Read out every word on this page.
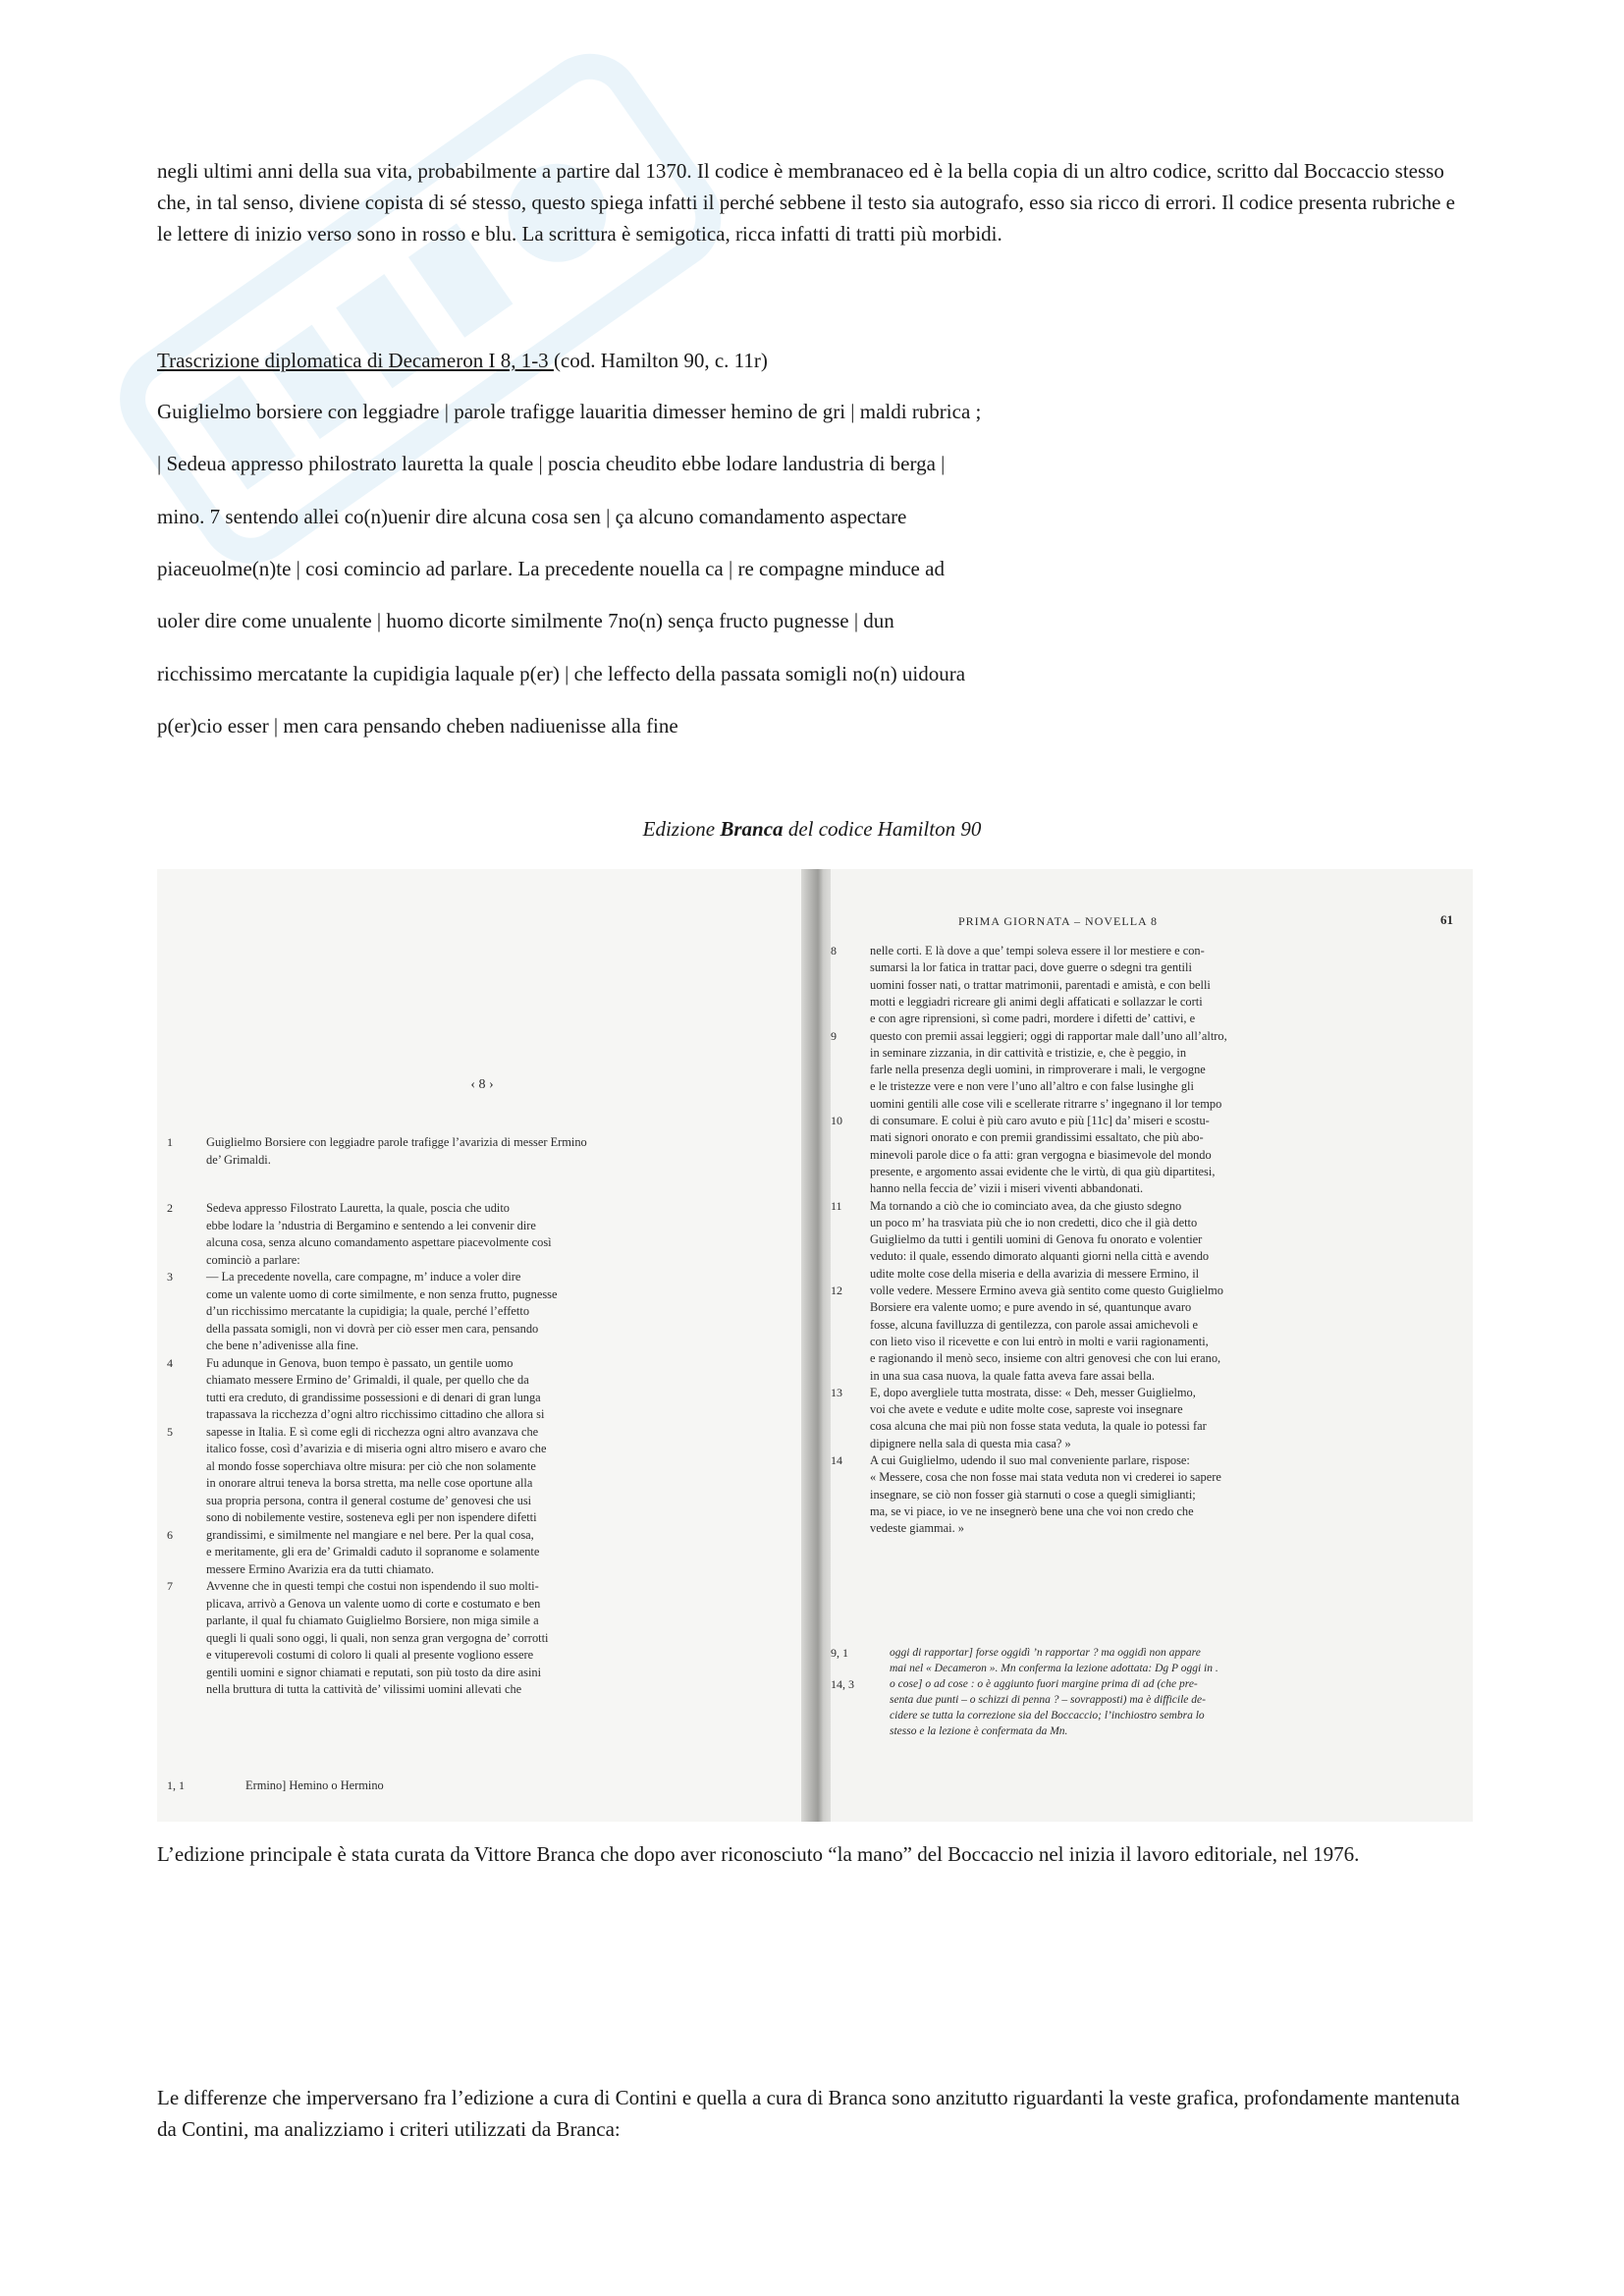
negli ultimi anni della sua vita, probabilmente a partire dal 1370. Il codice è membranaceo ed è la bella copia di un altro codice, scritto dal Boccaccio stesso che, in tal senso, diviene copista di sé stesso, questo spiega infatti il perché sebbene il testo sia autografo, esso sia ricco di errori. Il codice presenta rubriche e le lettere di inizio verso sono in rosso e blu. La scrittura è semigotica, ricca infatti di tratti più morbidi.

Trascrizione diplomatica di Decameron I 8, 1-3 (cod. Hamilton 90, c. 11r)

Guiglielmo borsiere con leggiadre | parole trafigge lauaritia dimesser hemino de gri | maldi rubrica ;

| Sedeua appresso philostrato lauretta la quale | poscia cheudito ebbe lodare landustria di berga |

mino. 7 sentendo allei co(n)uenir dire alcuna cosa sen | ça alcuno comandamento aspectare

piaceuolme(n)te | cosi comincio ad parlare. La precedente nouella ca | re compagne minduce ad

uoler dire come unualente | huomo dicorte similmente 7no(n) sença fructo pugnesse | dun

ricchissimo mercatante la cupidigia laquale p(er) | che leffecto della passata somigli no(n) uidoura

p(er)cio esser | men cara pensando cheben nadiuenisse alla fine

Edizione Branca del codice Hamilton 90
‹ 8 ›
1	Guiglielmo Borsiere con leggiadre parole trafigge l’avarizia di messer Ermino
de’ Grimaldi.
2	Sedeva appresso Filostrato Lauretta, la quale, poscia che udito
ebbe lodare la ’ndustria di Bergamino e sentendo a lei convenir dire
alcuna cosa, senza alcuno comandamento aspettare piacevolmente così
cominciò a parlare:
3	— La precedente novella, care compagne, m’ induce a voler dire
come un valente uomo di corte similmente, e non senza frutto, pugnesse
d’un ricchissimo mercatante la cupidigia; la quale, perché l’effetto
della passata somigli, non vi dovrà per ciò esser men cara, pensando
che bene n’adivenisse alla fine.
4	Fu adunque in Genova, buon tempo è passato, un gentile uomo
chiamato messere Ermino de’ Grimaldi, il quale, per quello che da
tutti era creduto, di grandissime possessioni e di denari di gran lunga
trapassava la ricchezza d’ogni altro ricchissimo cittadino che allora si
5	sapesse in Italia. E sì come egli di ricchezza ogni altro avanzava che
italico fosse, così d’avarizia e di miseria ogni altro misero e avaro che
al mondo fosse soperchiava oltre misura: per ciò che non solamente
in onorare altrui teneva la borsa stretta, ma nelle cose oportune alla
sua propria persona, contra il general costume de’ genovesi che usi
sono di nobilemente vestire, sosteneva egli per non ispendere difetti
6	grandissimi, e similmente nel mangiare e nel bere. Per la qual cosa,
e meritamente, gli era de’ Grimaldi caduto il sopranome e solamente
messere Ermino Avarizia era da tutti chiamato.
7	Avvenne che in questi tempi che costui non ispendendo il suo molti-
plicava, arrivò a Genova un valente uomo di corte e costumato e ben
parlante, il qual fu chiamato Guiglielmo Borsiere, non miga simile a
quegli li quali sono oggi, li quali, non senza gran vergogna de’ corrotti
e vituperevoli costumi di coloro li quali al presente vogliono essere
gentili uomini e signor chiamati e reputati, son più tosto da dire asini
nella bruttura di tutta la cattività de’ vilissimi uomini allevati che
1, 1	Ermino] Hemino o Hermino
PRIMA GIORNATA – NOVELLA 8	61
8	nelle corti. E là dove a que’ tempi soleva essere il lor mestiere e con-
sumarsi la lor fatica in trattar paci, dove guerre o sdegni tra gentili
uomini fosser nati, o trattar matrimonii, parentadi e amistà, e con belli
motti e leggiadri ricreare gli animi degli affaticati e sollazzar le corti
e con agre riprensioni, sì come padri, mordere i difetti de’ cattivi, e
9	questo con premii assai leggieri; oggi di rapportar male dall’uno all’altro,
in seminare zizzania, in dir cattività e tristizie, e, che è peggio, in
farle nella presenza degli uomini, in rimproverare i mali, le vergogne
e le tristezze vere e non vere l’uno all’altro e con false lusinghe gli
uomini gentili alle cose vili e scellerate ritrarre s’ ingegnano il lor tempo
10 di consumare. E colui è più caro avuto e più [11c] da’ miseri e scostu-
mati signori onorato e con premii grandissimi essaltato, che più abo-
minevoli parole dice o fa atti: gran vergogna e biasimevole del mondo
presente, e argomento assai evidente che le virtù, di qua giù dipartitesi,
hanno nella feccia de’ vizii i miseri viventi abbandonati.
11 Ma tornando a ciò che io cominciato avea, da che giusto sdegno
un poco m’ ha trasviata più che io non credetti, dico che il già detto
Guiglielmo da tutti i gentili uomini di Genova fu onorato e volentier
veduto: il quale, essendo dimorato alquanti giorni nella città e avendo
udite molte cose della miseria e della avarizia di messere Ermino, il
12 volle vedere. Messere Ermino aveva già sentito come questo Guiglielmo
Borsiere era valente uomo; e pure avendo in sé, quantunque avaro
fosse, alcuna favilluzza di gentilezza, con parole assai amichevoli e
con lieto viso il ricevette e con lui entrò in molti e varii ragionamenti,
e ragionando il menò seco, insieme con altri genovesi che con lui erano,
in una sua casa nuova, la quale fatta aveva fare assai bella.
13 E, dopo avergliele tutta mostrata, disse: « Deh, messer Guiglielmo,
voi che avete e vedute e udite molte cose, sapreste voi insegnare
cosa alcuna che mai più non fosse stata veduta, la quale io potessi far
dipignere nella sala di questa mia casa? »
14 A cui Guiglielmo, udendo il suo mal conveniente parlare, rispose:
« Messere, cosa che non fosse mai stata veduta non vi crederei io sapere
insegnare, se ciò non fosser già starnuti o cose a quegli simiglianti;
ma, se vi piace, io ve ne insegnerò bene una che voi non credo che
vedeste giammai. »
9, 1	oggi di rapportar] forse oggidì ’n rapportar ? ma oggidì non appare
mai nel « Decameron ». Mn conferma la lezione adottata: Dg P oggi in .
14, 3	o cose] o ad cose : o è aggiunto fuori margine prima di ad (che pre-
senta due punti – o schizzi di penna ? – sovrapposti) ma è difficile de-
cidere se tutta la correzione sia del Boccaccio; l’inchiostro sembra lo
stesso e la lezione è confermata da Mn.

L’edizione principale è stata curata da Vittore Branca che dopo aver riconosciuto “la mano” del Boccaccio nel inizia il lavoro editoriale, nel 1976.

Le differenze che imperversano fra l’edizione a cura di Contini e quella a cura di Branca sono anzitutto riguardanti la veste grafica, profondamente mantenuta da Contini, ma analizziamo i criteri utilizzati da Branca:
